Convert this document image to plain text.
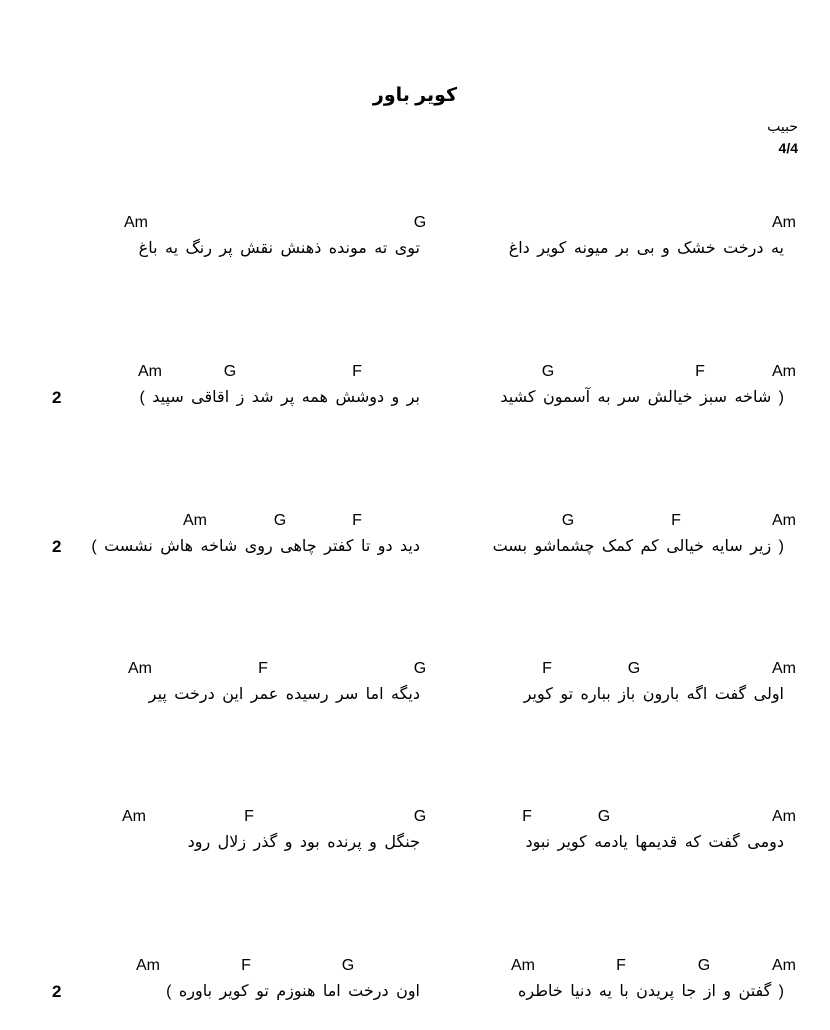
کویر باور
حبیب
4/4
Am
G
Am
یه درخت خشک و بی بر میونه کویر داغ
توی ته مونده ذهنش نقش پر رنگ یه باغ
Am
F
G
F
G
Am
( شاخه سبز خیالش سر به آسمون کشید
بر و دوشش همه پر شد ز اقاقی سپید )
2
Am
F
G
F
G
Am
( زیر سایه خیالی کم کمک چشماشو بست
دید دو تا کفتر چاهی روی شاخه هاش نشست )
2
Am
G
F
G
F
Am
اولی گفت اگه بارون باز بباره تو کویر
دیگه اما سر رسیده عمر این درخت پیر
Am
G
F
G
F
Am
دومی گفت که قدیمها یادمه کویر نبود
جنگل و پرنده بود و گذر زلال رود
Am
G
F
Am
G
F
Am
( گفتن و از جا پریدن با یه دنیا خاطره
اون درخت اما هنوزم تو کویر باوره )
2
